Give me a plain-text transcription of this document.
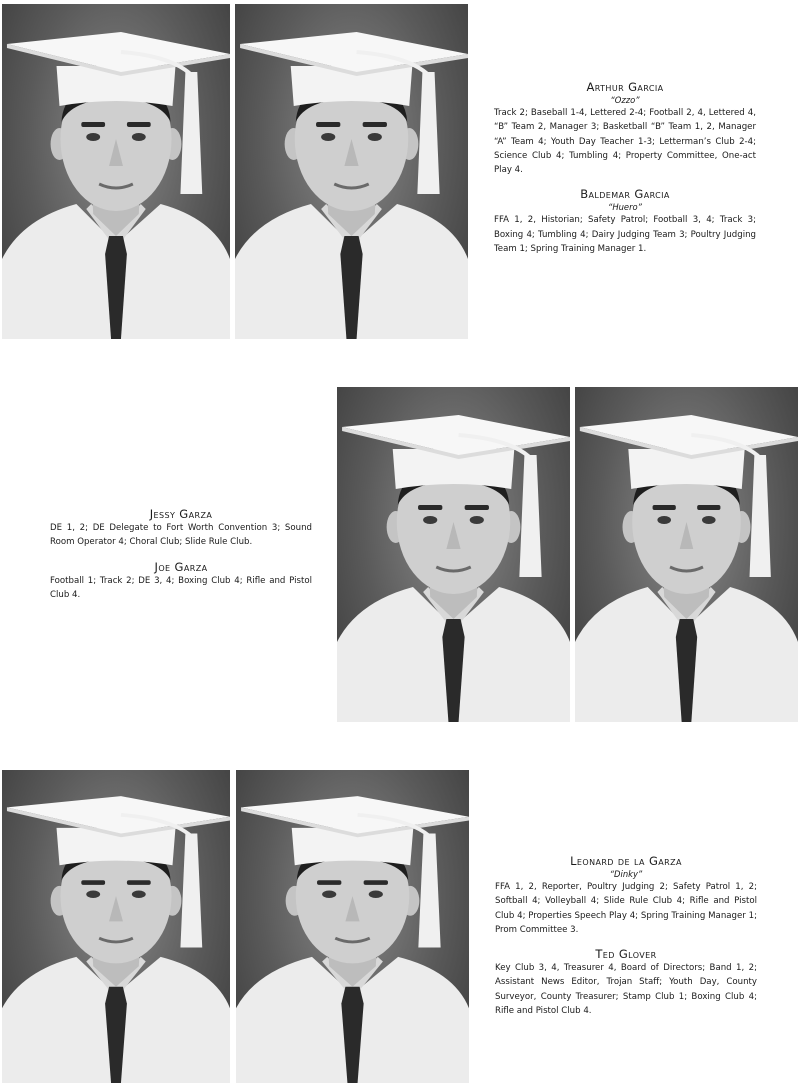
Arthur Garcia
“Ozzo”
Track 2; Baseball 1-4, Lettered 2-4; Football 2, 4, Lettered 4, “B” Team 2, Manager 3; Basketball “B” Team 1, 2, Manager “A” Team 4; Youth Day Teacher 1-3; Letterman’s Club 2-4; Science Club 4; Tumbling 4; Property Committee, One-act Play 4.
Baldemar Garcia
“Huero”
FFA 1, 2, Historian; Safety Patrol; Football 3, 4; Track 3; Boxing 4; Tumbling 4; Dairy Judging Team 3; Poultry Judging Team 1; Spring Training Manager 1.
Jessy Garza
DE 1, 2; DE Delegate to Fort Worth Convention 3; Sound Room Operator 4; Choral Club; Slide Rule Club.
Joe Garza
Football 1; Track 2; DE 3, 4; Boxing Club 4; Rifle and Pistol Club 4.
Leonard de la Garza
“Dinky”
FFA 1, 2, Reporter, Poultry Judging 2; Safety Patrol 1, 2; Softball 4; Volleyball 4; Slide Rule Club 4; Rifle and Pistol Club 4; Properties Speech Play 4; Spring Training Manager 1; Prom Committee 3.
Ted Glover
Key Club 3, 4, Treasurer 4, Board of Directors; Band 1, 2; Assistant News Editor, Trojan Staff; Youth Day, County Surveyor, County Treasurer; Stamp Club 1; Boxing Club 4; Rifle and Pistol Club 4.
